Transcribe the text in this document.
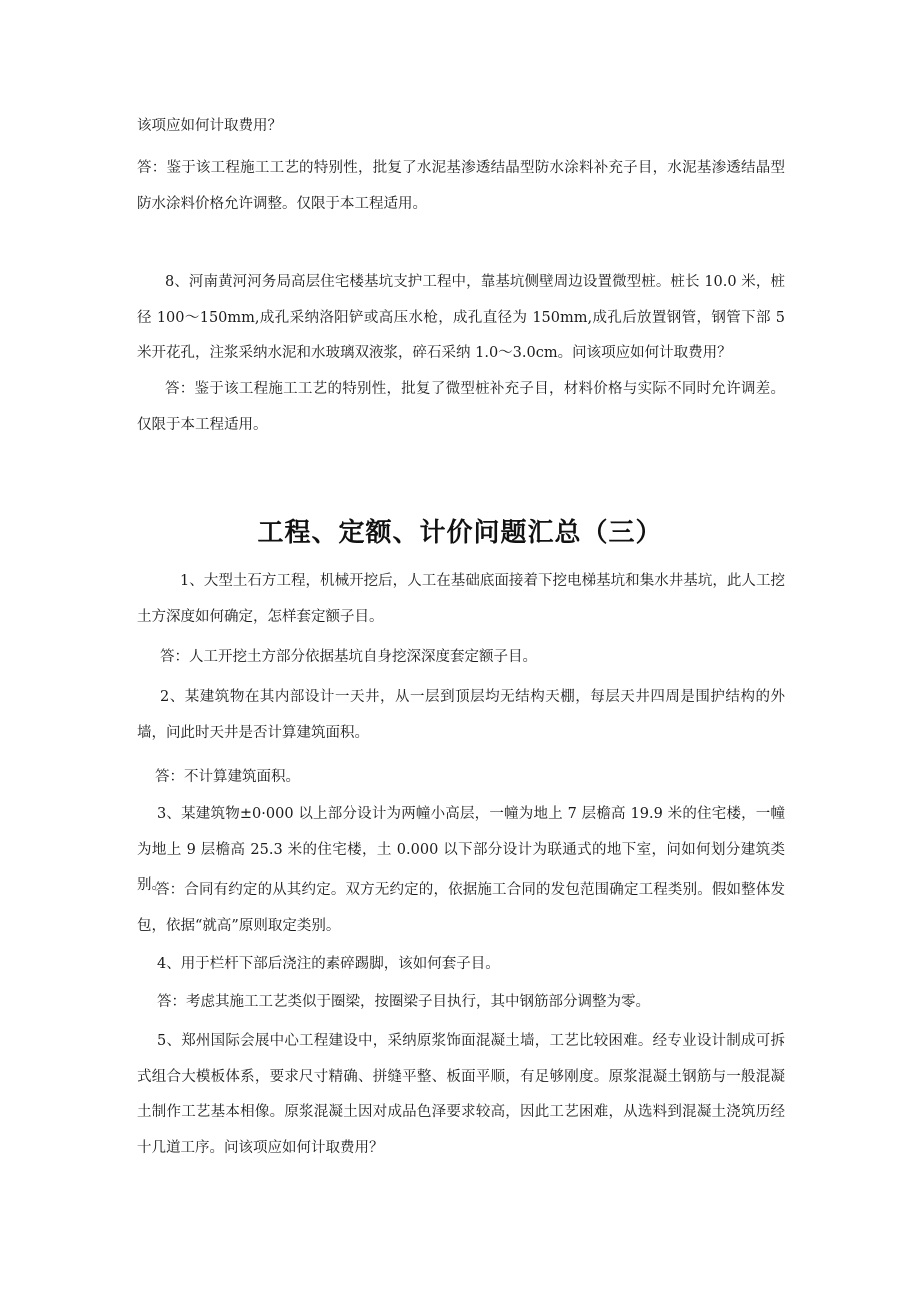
该项应如何计取费用？

答：鉴于该工程施工工艺的特别性，批复了水泥基渗透结晶型防水涂料补充子目，水泥基渗透结晶型防水涂料价格允许调整。仅限于本工程适用。

8、河南黄河河务局高层住宅楼基坑支护工程中，靠基坑侧壁周边设置微型桩。桩长 10.0 米，桩径 100～150mm,成孔采纳洛阳铲或高压水枪，成孔直径为 150mm,成孔后放置钢管，钢管下部 5 米开花孔，注浆采纳水泥和水玻璃双液浆，碎石采纳 1.0～3.0cm。问该项应如何计取费用？

答：鉴于该工程施工工艺的特别性，批复了微型桩补充子目，材料价格与实际不同时允许调差。仅限于本工程适用。

工程、定额、计价问题汇总（三）

1、大型土石方工程，机械开挖后，人工在基础底面接着下挖电梯基坑和集水井基坑，此人工挖土方深度如何确定，怎样套定额子目。

答：人工开挖土方部分依据基坑自身挖深深度套定额子目。

2、某建筑物在其内部设计一天井，从一层到顶层均无结构天棚，每层天井四周是围护结构的外墙，问此时天井是否计算建筑面积。

答：不计算建筑面积。

3、某建筑物±0·000 以上部分设计为两幢小高层，一幢为地上 7 层檐高 19.9 米的住宅楼，一幢为地上 9 层檐高 25.3 米的住宅楼，土 0.000 以下部分设计为联通式的地下室，问如何划分建筑类别。

答：合同有约定的从其约定。双方无约定的，依据施工合同的发包范围确定工程类别。假如整体发包，依据“就高”原则取定类别。

4、用于栏杆下部后浇注的素碎踢脚，该如何套子目。

答：考虑其施工工艺类似于圈梁，按圈梁子目执行，其中钢筋部分调整为零。

5、郑州国际会展中心工程建设中，采纳原浆饰面混凝土墙，工艺比较困难。经专业设计制成可拆式组合大模板体系，要求尺寸精确、拼缝平整、板面平顺，有足够刚度。原浆混凝土钢筋与一般混凝土制作工艺基本相像。原浆混凝土因对成品色泽要求较高，因此工艺困难，从选料到混凝土浇筑历经十几道工序。问该项应如何计取费用？
